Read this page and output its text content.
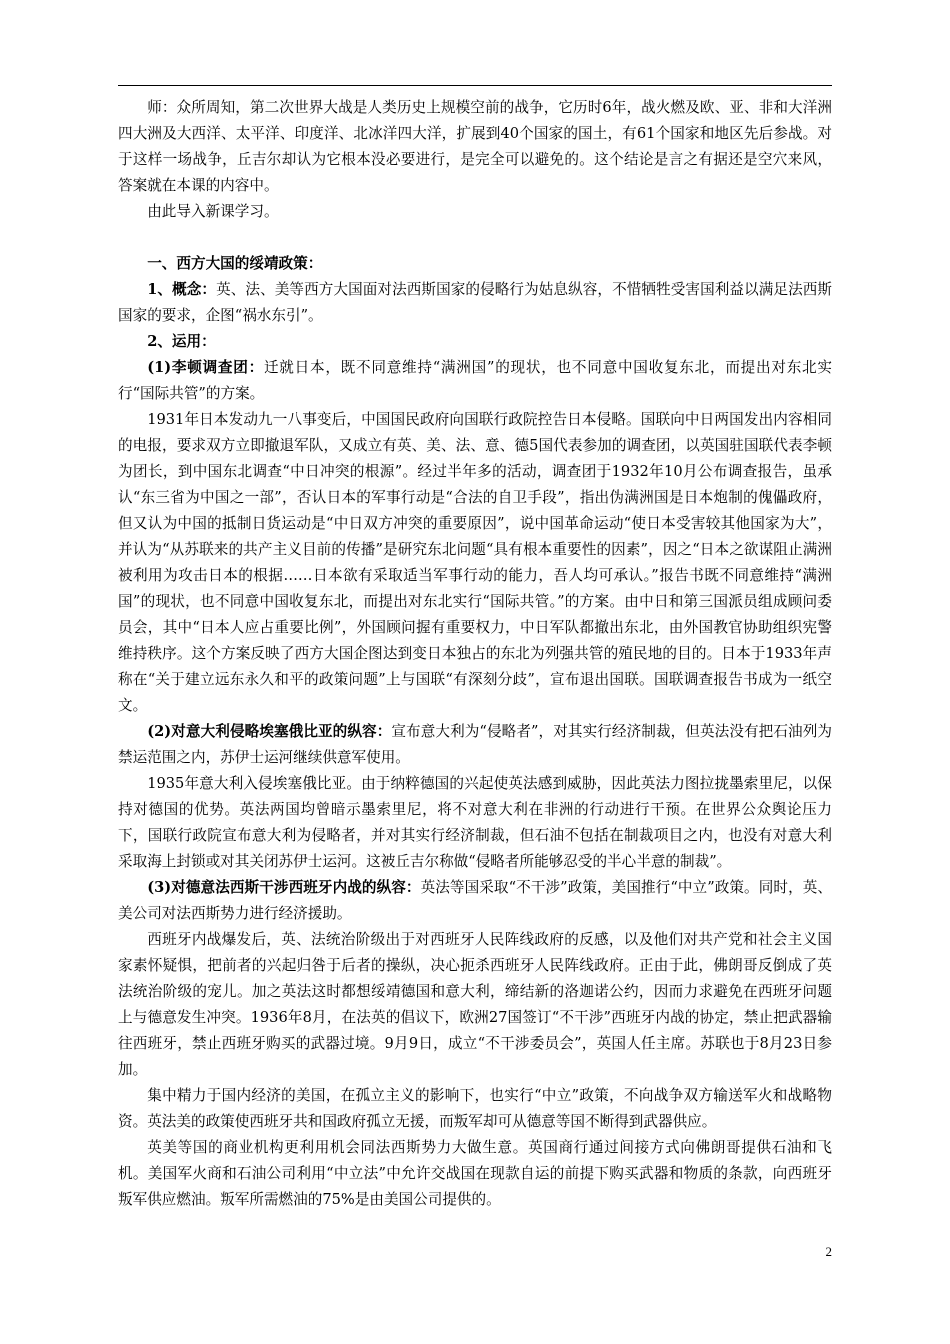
师：众所周知，第二次世界大战是人类历史上规模空前的战争，它历时6年，战火燃及欧、亚、非和大洋洲四大洲及大西洋、太平洋、印度洋、北冰洋四大洋，扩展到40个国家的国土，有61个国家和地区先后参战。对于这样一场战争，丘吉尔却认为它根本没必要进行，是完全可以避免的。这个结论是言之有据还是空穴来风，答案就在本课的内容中。

由此导入新课学习。

一、西方大国的绥靖政策：

1、概念：英、法、美等西方大国面对法西斯国家的侵略行为姑息纵容，不惜牺牲受害国利益以满足法西斯国家的要求，企图“祸水东引”。

2、运用：

(1)李顿调查团：迁就日本，既不同意维持“满洲国”的现状，也不同意中国收复东北，而提出对东北实行“国际共管”的方案。

1931年日本发动九一八事变后，中国国民政府向国联行政院控告日本侵略。国联向中日两国发出内容相同的电报，要求双方立即撤退军队，又成立有英、美、法、意、德5国代表参加的调查团，以英国驻国联代表李顿为团长，到中国东北调查“中日冲突的根源”。经过半年多的活动，调查团于1932年10月公布调查报告，虽承认“东三省为中国之一部”，否认日本的军事行动是“合法的自卫手段”，指出伪满洲国是日本炮制的傀儡政府，但又认为中国的抵制日货运动是“中日双方冲突的重要原因”，说中国革命运动“使日本受害较其他国家为大”，并认为“从苏联来的共产主义目前的传播”是研究东北问题“具有根本重要性的因素”，因之“日本之欲谋阻止满洲被利用为攻击日本的根据……日本欲有采取适当军事行动的能力，吾人均可承认。”报告书既不同意维持“满洲国”的现状，也不同意中国收复东北，而提出对东北实行“国际共管。”的方案。由中日和第三国派员组成顾问委员会，其中“日本人应占重要比例”，外国顾问握有重要权力，中日军队都撤出东北，由外国教官协助组织宪警维持秩序。这个方案反映了西方大国企图达到变日本独占的东北为列强共管的殖民地的目的。日本于1933年声称在“关于建立远东永久和平的政策问题”上与国联“有深刻分歧”，宣布退出国联。国联调查报告书成为一纸空文。

(2)对意大利侵略埃塞俄比亚的纵容：宣布意大利为“侵略者”，对其实行经济制裁，但英法没有把石油列为禁运范围之内，苏伊士运河继续供意军使用。

1935年意大利入侵埃塞俄比亚。由于纳粹德国的兴起使英法感到威胁，因此英法力图拉拢墨索里尼，以保持对德国的优势。英法两国均曾暗示墨索里尼，将不对意大利在非洲的行动进行干预。在世界公众舆论压力下，国联行政院宣布意大利为侵略者，并对其实行经济制裁，但石油不包括在制裁项目之内，也没有对意大利采取海上封锁或对其关闭苏伊士运河。这被丘吉尔称做“侵略者所能够忍受的半心半意的制裁”。

(3)对德意法西斯干涉西班牙内战的纵容：英法等国采取“不干涉”政策，美国推行“中立”政策。同时，英、美公司对法西斯势力进行经济援助。

西班牙内战爆发后，英、法统治阶级出于对西班牙人民阵线政府的反感，以及他们对共产党和社会主义国家素怀疑惧，把前者的兴起归咎于后者的操纵，决心扼杀西班牙人民阵线政府。正由于此，佛朗哥反倒成了英法统治阶级的宠儿。加之英法这时都想绥靖德国和意大利，缔结新的洛迦诺公约，因而力求避免在西班牙问题上与德意发生冲突。1936年8月，在法英的倡议下，欧洲27国签订“不干涉”西班牙内战的协定，禁止把武器输往西班牙，禁止西班牙购买的武器过境。9月9日，成立“不干涉委员会”，英国人任主席。苏联也于8月23日参加。

集中精力于国内经济的美国，在孤立主义的影响下，也实行“中立”政策，不向战争双方输送军火和战略物资。英法美的政策使西班牙共和国政府孤立无援，而叛军却可从德意等国不断得到武器供应。

英美等国的商业机构更利用机会同法西斯势力大做生意。英国商行通过间接方式向佛朗哥提供石油和飞机。美国军火商和石油公司利用“中立法”中允许交战国在现款自运的前提下购买武器和物质的条款，向西班牙叛军供应燃油。叛军所需燃油的75%是由美国公司提供的。

2
